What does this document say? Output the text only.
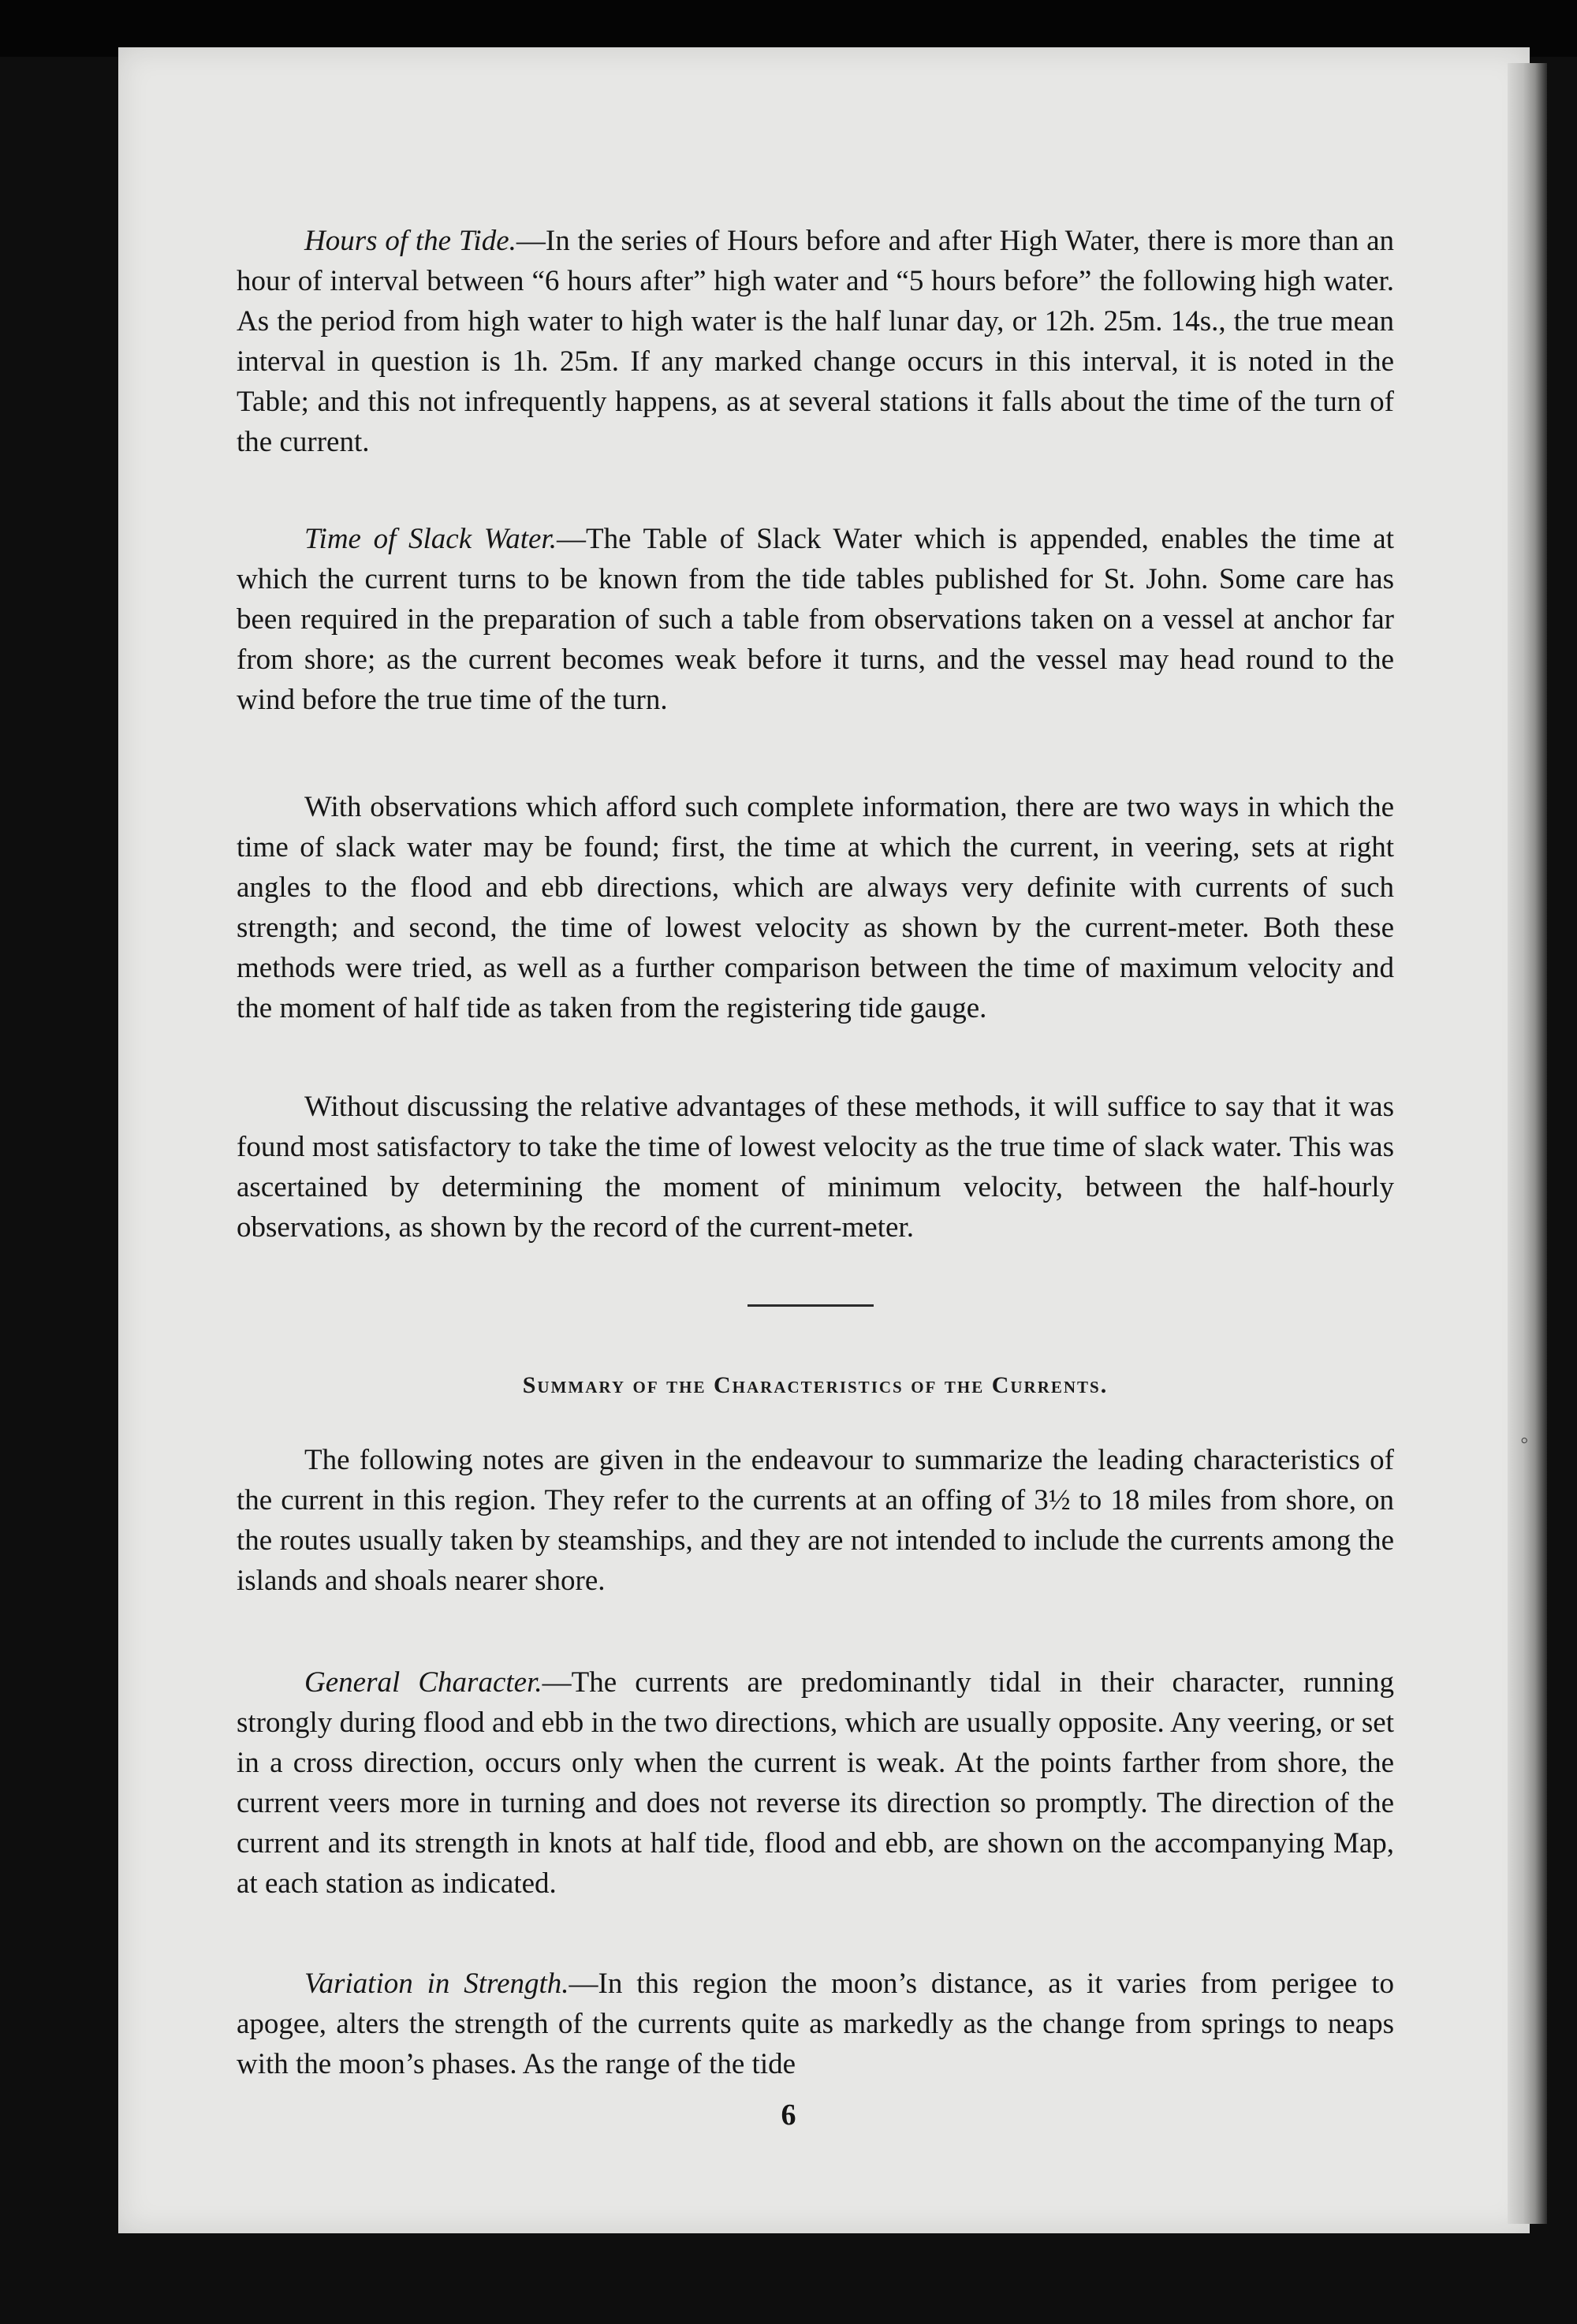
◦

Hours of the Tide.—In the series of Hours before and after High Water, there is more than an hour of interval between “6 hours after” high water and “5 hours before” the following high water. As the period from high water to high water is the half lunar day, or 12h. 25m. 14s., the true mean interval in question is 1h. 25m. If any marked change occurs in this interval, it is noted in the Table; and this not infrequently happens, as at several stations it falls about the time of the turn of the current.

Time of Slack Water.—The Table of Slack Water which is appended, enables the time at which the current turns to be known from the tide tables published for St. John. Some care has been required in the preparation of such a table from observations taken on a vessel at anchor far from shore; as the current becomes weak before it turns, and the vessel may head round to the wind before the true time of the turn.

With observations which afford such complete information, there are two ways in which the time of slack water may be found; first, the time at which the current, in veering, sets at right angles to the flood and ebb directions, which are always very definite with currents of such strength; and second, the time of lowest velocity as shown by the current-meter. Both these methods were tried, as well as a further comparison between the time of maximum velocity and the moment of half tide as taken from the registering tide gauge.

Without discussing the relative advantages of these methods, it will suffice to say that it was found most satisfactory to take the time of lowest velocity as the true time of slack water. This was ascertained by determining the moment of minimum velocity, between the half-hourly observations, as shown by the record of the current-meter.

Summary of the Characteristics of the Currents.

The following notes are given in the endeavour to summarize the leading characteristics of the current in this region. They refer to the currents at an offing of 3½ to 18 miles from shore, on the routes usually taken by steamships, and they are not intended to include the currents among the islands and shoals nearer shore.

General Character.—The currents are predominantly tidal in their character, running strongly during flood and ebb in the two directions, which are usually opposite. Any veering, or set in a cross direction, occurs only when the current is weak. At the points farther from shore, the current veers more in turning and does not reverse its direction so promptly. The direction of the current and its strength in knots at half tide, flood and ebb, are shown on the accompanying Map, at each station as indicated.

Variation in Strength.—In this region the moon’s distance, as it varies from perigee to apogee, alters the strength of the currents quite as markedly as the change from springs to neaps with the moon’s phases. As the range of the tide

6
